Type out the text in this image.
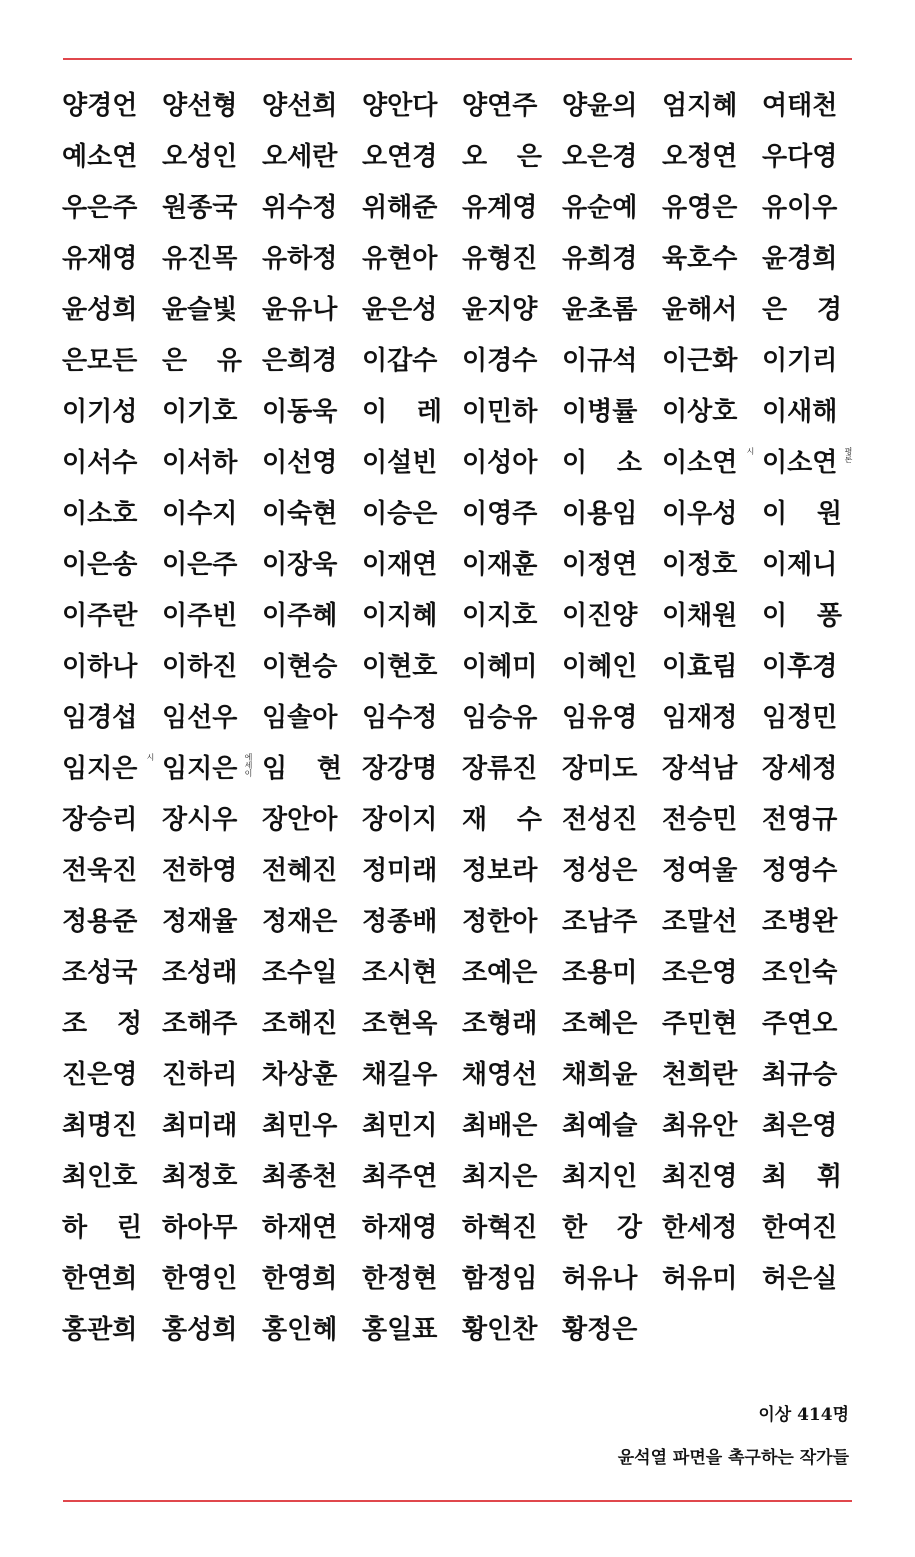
양경언 양선형 양선희 양안다 양연주 양윤의 엄지혜 여태천
예소연 오성인 오세란 오연경 오 은 오은경 오정연 우다영
우은주 원종국 위수정 위해준 유계영 유순예 유영은 유이우
유재영 유진목 유하정 유현아 유형진 유희경 육호수 윤경희
윤성희 윤슬빛 윤유나 윤은성 윤지양 윤초롬 윤해서 은 경
은모든 은 유 은희경 이갑수 이경수 이규석 이근화 이기리
이기성 이기호 이동욱 이 레 이민하 이병률 이상호 이새해
이서수 이서하 이선영 이설빈 이성아 이 소 이소연 시 이소연 평론
이소호 이수지 이숙현 이승은 이영주 이용임 이우성 이 원
이은송 이은주 이장욱 이재연 이재훈 이정연 이정호 이제니
이주란 이주빈 이주혜 이지혜 이지호 이진양 이채원 이 퐁
이하나 이하진 이현승 이현호 이혜미 이혜인 이효림 이후경
임경섭 임선우 임솔아 임수정 임승유 임유영 임재정 임정민
임지은 시 임지은 에세이 임 현 장강명 장류진 장미도 장석남 장세정
장승리 장시우 장안아 장이지 재 수 전성진 전승민 전영규
전욱진 전하영 전혜진 정미래 정보라 정성은 정여울 정영수
정용준 정재율 정재은 정종배 정한아 조남주 조말선 조병완
조성국 조성래 조수일 조시현 조예은 조용미 조은영 조인숙
조 정 조해주 조해진 조현옥 조형래 조혜은 주민현 주연오
진은영 진하리 차상훈 채길우 채영선 채희윤 천희란 최규승
최명진 최미래 최민우 최민지 최배은 최예슬 최유안 최은영
최인호 최정호 최종천 최주연 최지은 최지인 최진영 최 휘
하 린 하아무 하재연 하재영 하혁진 한 강 한세정 한여진
한연희 한영인 한영희 한정현 함정임 허유나 허유미 허은실
홍관희 홍성희 홍인혜 홍일표 황인찬 황정은
이상 414명
윤석열 파면을 촉구하는 작가들
